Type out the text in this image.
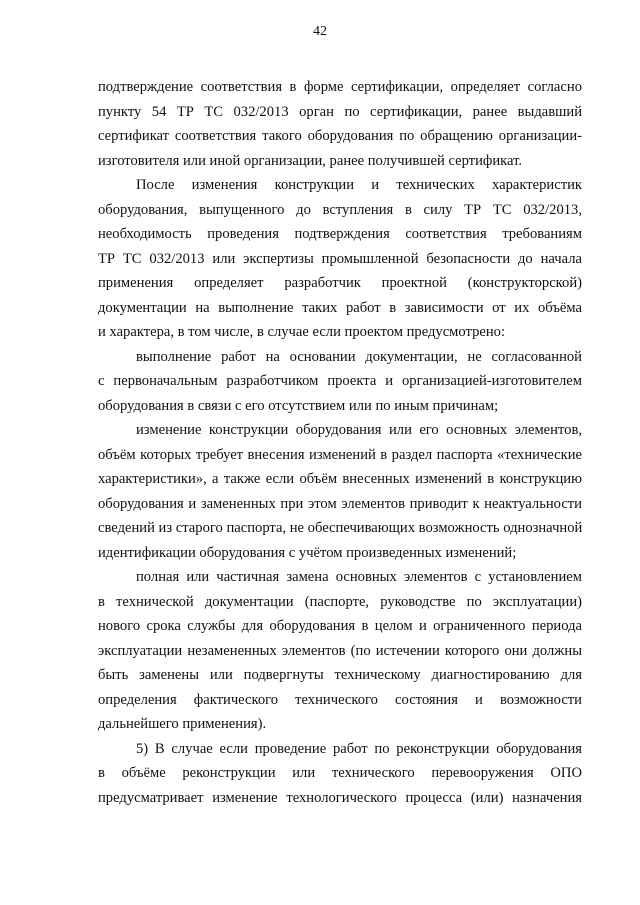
42
подтверждение соответствия в форме сертификации, определяет согласно
пункту 54 ТР ТС 032/2013 орган по сертификации, ранее выдавший
сертификат соответствия такого оборудования по обращению организации-
изготовителя или иной организации, ранее получившей сертификат.
После изменения конструкции и технических характеристик
оборудования, выпущенного до вступления в силу ТР ТС 032/2013,
необходимость проведения подтверждения соответствия требованиям
ТР ТС 032/2013 или экспертизы промышленной безопасности до начала
применения определяет разработчик проектной (конструкторской)
документации на выполнение таких работ в зависимости от их объёма
и характера, в том числе, в случае если проектом предусмотрено:
выполнение работ на основании документации, не согласованной
с первоначальным разработчиком проекта и организацией-изготовителем
оборудования в связи с его отсутствием или по иным причинам;
изменение конструкции оборудования или его основных элементов,
объём которых требует внесения изменений в раздел паспорта «технические
характеристики», а также если объём внесенных изменений в конструкцию
оборудования и замененных при этом элементов приводит к неактуальности
сведений из старого паспорта, не обеспечивающих возможность однозначной
идентификации оборудования с учётом произведенных изменений;
полная или частичная замена основных элементов с установлением
в технической документации (паспорте, руководстве по эксплуатации)
нового срока службы для оборудования в целом и ограниченного периода
эксплуатации незамененных элементов (по истечении которого они должны
быть заменены или подвергнуты техническому диагностированию для
определения фактического технического состояния и возможности
дальнейшего применения).
5) В случае если проведение работ по реконструкции оборудования
в объёме реконструкции или технического перевооружения ОПО
предусматривает изменение технологического процесса (или) назначения
